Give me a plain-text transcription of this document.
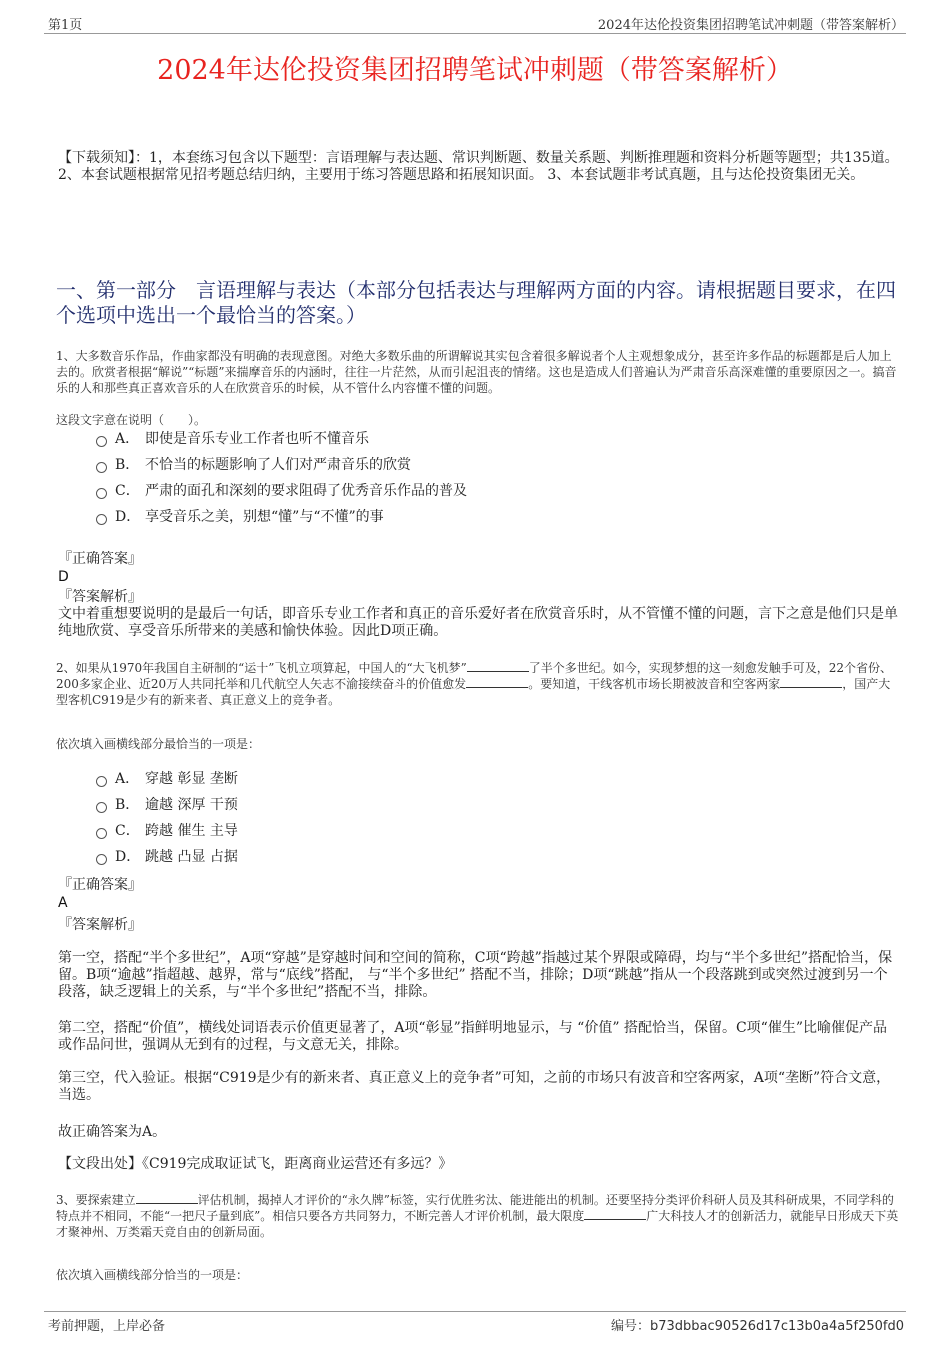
第1页	2024年达伦投资集团招聘笔试冲刺题（带答案解析）
2024年达伦投资集团招聘笔试冲刺题（带答案解析）
【下载须知】：1，本套练习包含以下题型：言语理解与表达题、常识判断题、数量关系题、判断推理题和资料分析题等题型；共135道。 2、本套试题根据常见招考题总结归纳，主要用于练习答题思路和拓展知识面。 3、本套试题非考试真题，且与达伦投资集团无关。
一、第一部分　言语理解与表达（本部分包括表达与理解两方面的内容。请根据题目要求，在四个选项中选出一个最恰当的答案。）
1、大多数音乐作品，作曲家都没有明确的表现意图。对绝大多数乐曲的所谓解说其实包含着很多解说者个人主观想象成分，甚至许多作品的标题都是后人加上去的。欣赏者根据“解说”“标题”来揣摩音乐的内涵时，往往一片茫然，从而引起沮丧的情绪。这也是造成人们普遍认为严肃音乐高深难懂的重要原因之一。搞音乐的人和那些真正喜欢音乐的人在欣赏音乐的时候，从不管什么内容懂不懂的问题。
这段文字意在说明（　　）。
A． 即使是音乐专业工作者也听不懂音乐
B． 不恰当的标题影响了人们对严肃音乐的欣赏
C． 严肃的面孔和深刻的要求阻碍了优秀音乐作品的普及
D． 享受音乐之美，别想“懂”与“不懂”的事
『正确答案』
D
『答案解析』
文中着重想要说明的是最后一句话，即音乐专业工作者和真正的音乐爱好者在欣赏音乐时，从不管懂不懂的问题，言下之意是他们只是单纯地欣赏、享受音乐所带来的美感和愉快体验。因此D项正确。
2、如果从1970年我国自主研制的“运十”飞机立项算起，中国人的“大飞机梦”	了半个多世纪。如今，实现梦想的这一刻愈发触手可及，22个省份、200多家企业、近20万人共同托举和几代航空人矢志不渝接续奋斗的价值愈发	。要知道，干线客机市场长期被波音和空客两家	，国产大型客机C919是少有的新来者、真正意义上的竞争者。
依次填入画横线部分最恰当的一项是：
A． 穿越 彰显 垄断
B． 逾越 深厚 干预
C． 跨越 催生 主导
D． 跳越 凸显 占据
『正确答案』
A
『答案解析』
第一空，搭配“半个多世纪”，A项“穿越”是穿越时间和空间的简称，C项“跨越”指越过某个界限或障碍，均与“半个多世纪”搭配恰当，保留。B项“逾越”指超越、越界，常与“底线”搭配， 与“半个多世纪” 搭配不当，排除；D项“跳越”指从一个段落跳到或突然过渡到另一个段落，缺乏逻辑上的关系，与“半个多世纪”搭配不当，排除。
第二空，搭配“价值”，横线处词语表示价值更显著了，A项“彰显”指鲜明地显示，与 “价值” 搭配恰当，保留。C项“催生”比喻催促产品或作品问世，强调从无到有的过程，与文意无关，排除。
第三空，代入验证。根据“C919是少有的新来者、真正意义上的竞争者”可知，之前的市场只有波音和空客两家，A项“垄断”符合文意，当选。
故正确答案为A。
【文段出处】《C919完成取证试飞，距离商业运营还有多远？》
3、要探索建立	评估机制，揭掉人才评价的“永久牌”标签，实行优胜劣汰、能进能出的机制。还要坚持分类评价科研人员及其科研成果，不同学科的特点并不相同，不能“一把尺子量到底”。相信只要各方共同努力，不断完善人才评价机制，最大限度	广大科技人才的创新活力，就能早日形成天下英才聚神州、万类霜天竞自由的创新局面。
依次填入画横线部分恰当的一项是：
考前押题，上岸必备	编号：b73dbbac90526d17c13b0a4a5f250fd0
